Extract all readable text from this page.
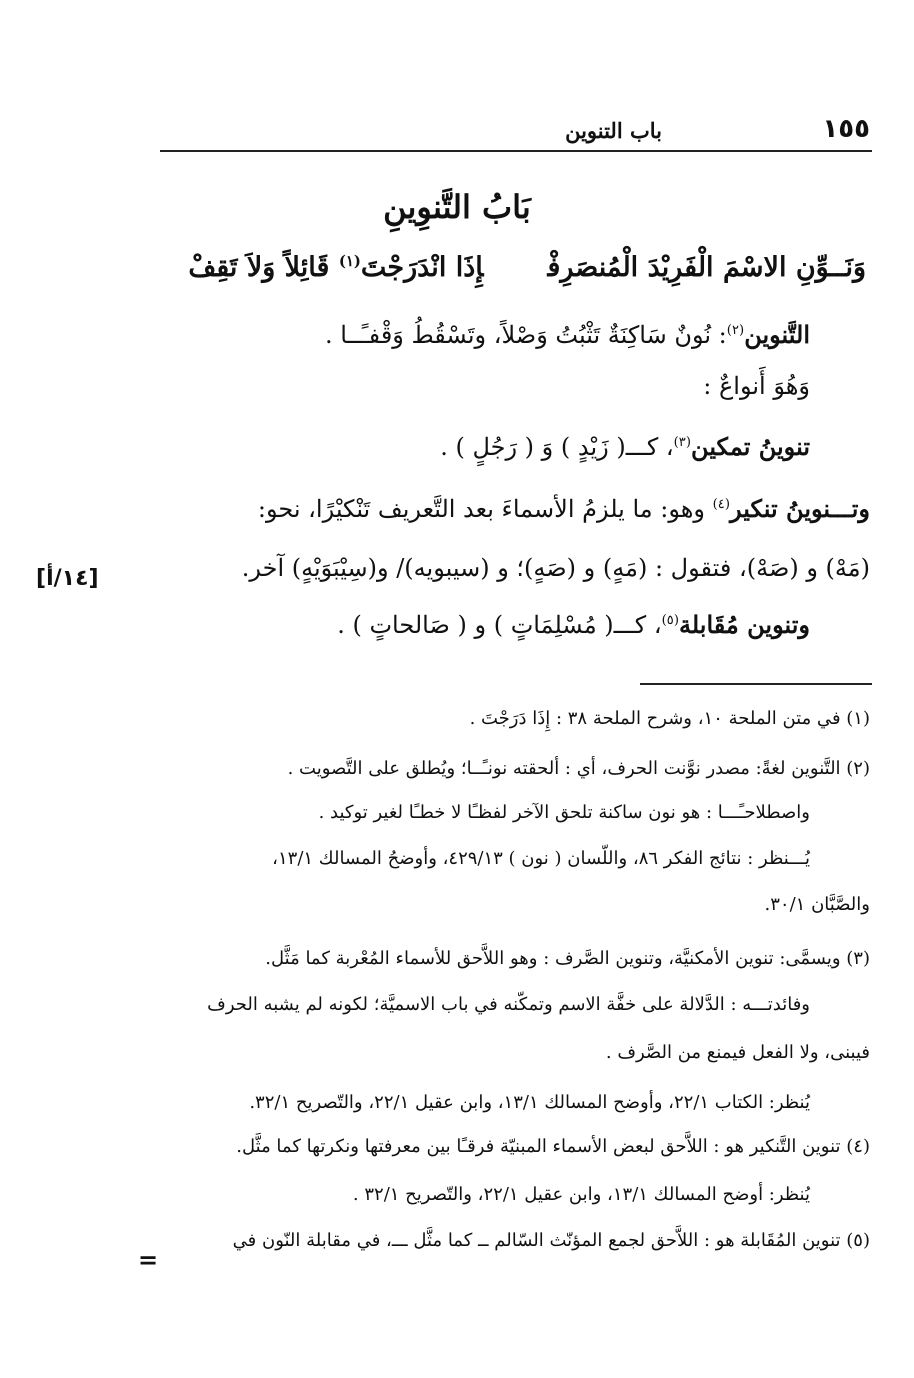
١٥٥
باب التنوين
بَابُ التَّنوِينِ
وَنَــوِّنِ الاسْمَ الْفَرِيْدَ الْمُنصَرِفْإِذَا انْدَرَجْتَ$^{(١)}$ قَائِلاً وَلاَ تَقِفْ
التَّنوين$^{(٢)}$: نُونٌ سَاكِنَةٌ تَثْبُتُ وَصْلاً، وتَسْقُطُ وَقْفـًــا .
وَهُوَ أَنواعٌ :
تنوينُ تمكين$^{(٣)}$، كـــ( زَيْدٍ ) وَ ( رَجُلٍ ) .
وتـــنوينُ تنكير$^{(٤)}$ وهو: ما يلزمُ الأسماءَ بعد التَّعريف تَنْكيْرًا، نحو:
(مَهْ) و (صَهْ)، فتقول : (مَهٍ) و (صَهٍ)؛ و (سيبويه)/ و(سِيْبَوَيْهٍ) آخر.
[١٤/أ]
وتنوين مُقَابلة$^{(٥)}$، كـــ( مُسْلِمَاتٍ ) و ( صَالحاتٍ ) .
(١) في متن الملحة ١٠، وشرح الملحة ٣٨ : إِذَا دَرَجْتَ .
(٢) التَّنوين لغةً: مصدر نوَّنت الحرف، أي : ألحقته نونـًــا؛ ويُطلق على التَّصويت .
واصطلاحـًـــا : هو نون ساكنة تلحق الآخر لفظـًا لا خطـًا لغير توكيد .
يُـــنظر : نتائج الفكر ٨٦، واللّسان ( نون ) ٤٢٩/١٣، وأوضحُ المسالك ١٣/١،
والصَّبَّان ٣٠/١.
(٣) ويسمَّى: تنوين الأمكنيَّة، وتنوين الصَّرف : وهو اللاَّحق للأسماء المُعْربة كما مَثَّل.
وفائدتـــه : الدَّلالة على خفَّة الاسم وتمكّنه في باب الاسميَّة؛ لكونه لم يشبه الحرف
فيبنى، ولا الفعل فيمنع من الصَّرف .
يُنظر: الكتاب ٢٢/١، وأوضح المسالك ١٣/١، وابن عقيل ٢٢/١، والتّصريح ٣٢/١.
(٤) تنوين التَّنكير هو : اللاَّحق لبعض الأسماء المبنيّة فرقـًا بين معرفتها ونكرتها كما مثَّل.
يُنظر: أوضح المسالك ١٣/١، وابن عقيل ٢٢/١، والتّصريح ٣٢/١ .
(٥) تنوين المُقَابلة هو : اللاَّحق لجمع المؤنّث السّالم ــ كما مثَّل ـــ، في مقابلة النّون في
=
